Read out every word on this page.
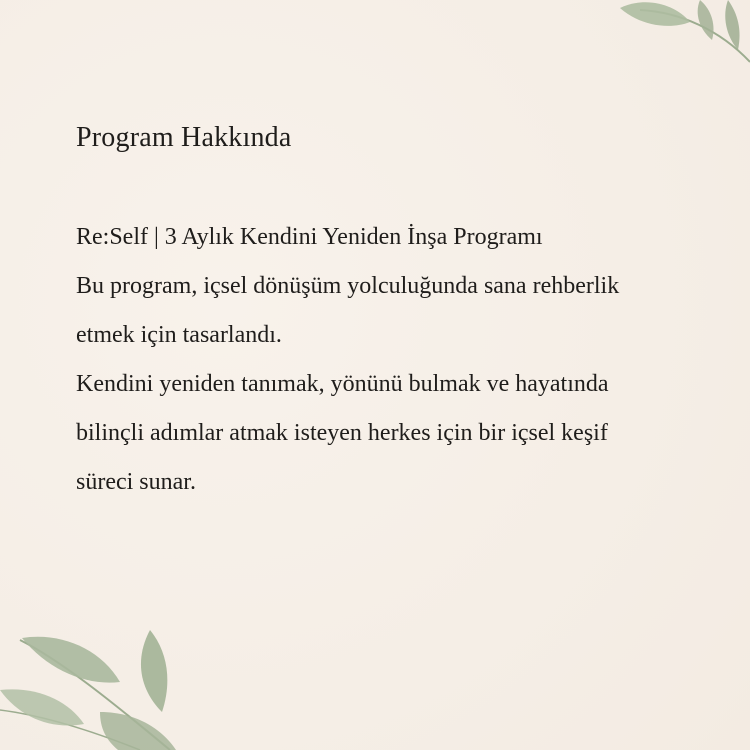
Program Hakkında

Re:Self | 3 Aylık Kendini Yeniden İnşa Programı
Bu program, içsel dönüşüm yolculuğunda sana rehberlik
etmek için tasarlandı.
Kendini yeniden tanımak, yönünü bulmak ve hayatında
bilinçli adımlar atmak isteyen herkes için bir içsel keşif
süreci sunar.
